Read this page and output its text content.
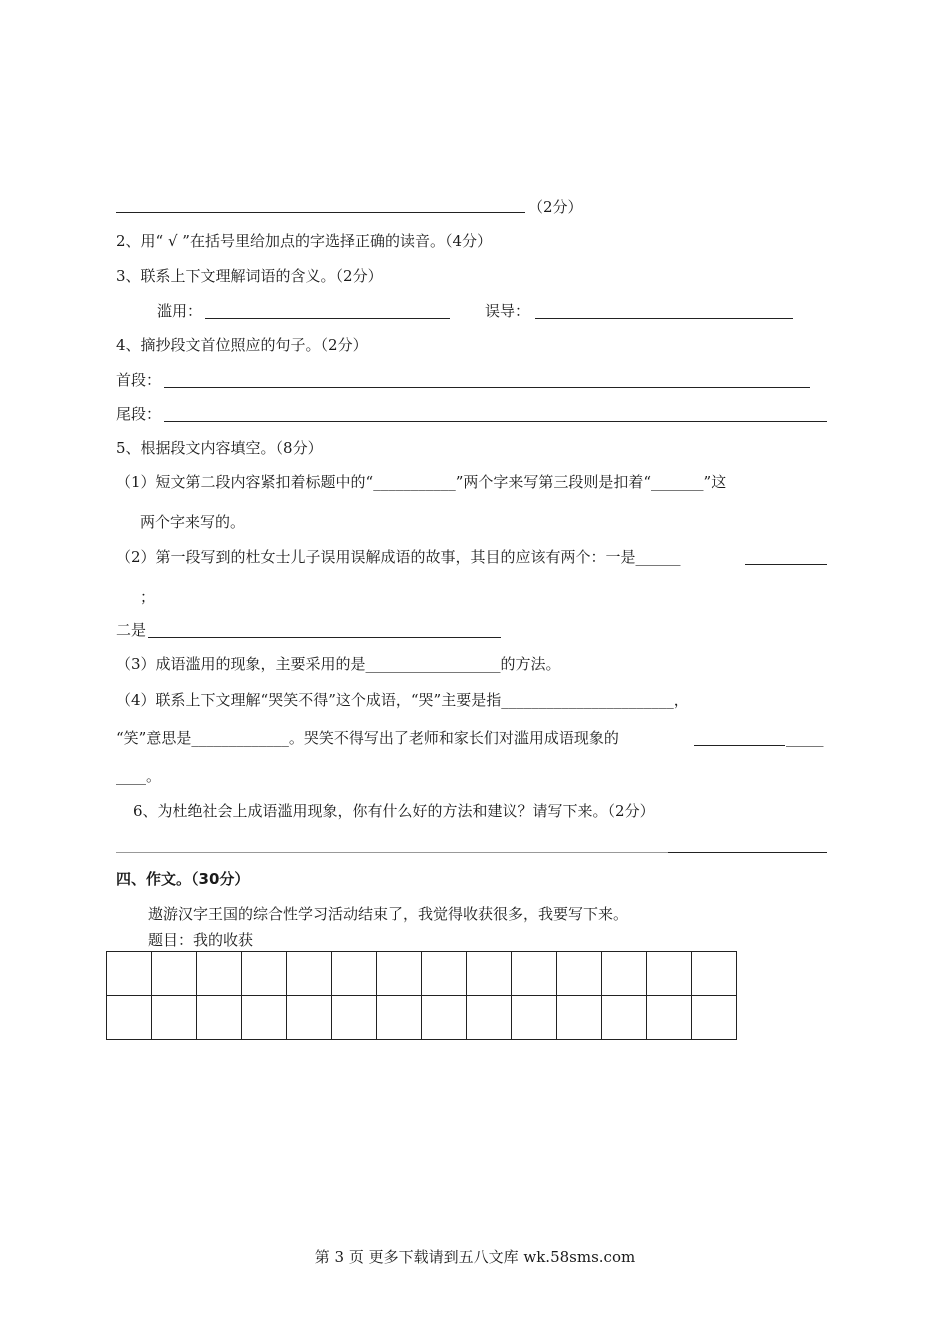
（2分）
2、用“ √ ”在括号里给加点的字选择正确的读音。（4分）
3、联系上下文理解词语的含义。（2分）
滥用：	误导：
4、摘抄段文首位照应的句子。（2分）
首段：
尾段：
5、根据段文内容填空。（8分）
（1）短文第二段内容紧扣着标题中的“___________”两个字来写第三段则是扣着“_______”这
两个字来写的。
（2）第一段写到的杜女士儿子误用误解成语的故事，其目的应该有两个：一是______
；
二是
（3）成语滥用的现象，主要采用的是__________________的方法。
（4）联系上下文理解“哭笑不得”这个成语，“哭”主要是指_______________________，
“笑”意思是_____________。哭笑不得写出了老师和家长们对滥用成语现象的	_____
____。
6、为杜绝社会上成语滥用现象，你有什么好的方法和建议？请写下来。（2分）
四、作文。（30分）
遨游汉字王国的综合性学习活动结束了，我觉得收获很多，我要写下来。
题目：我的收获

第 3 页 更多下载请到五八文库 wk.58sms.com
